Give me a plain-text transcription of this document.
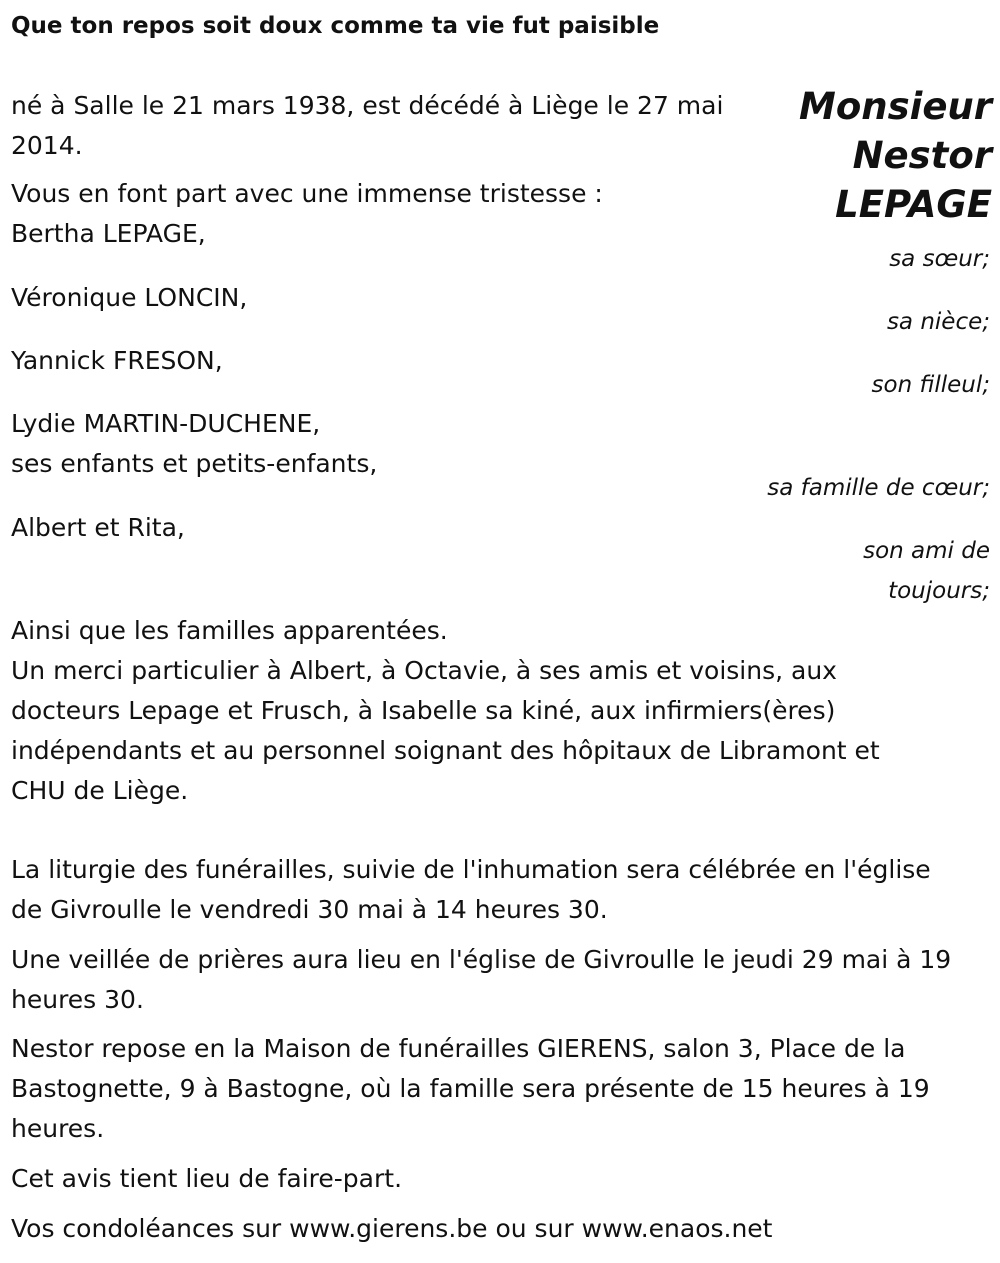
Que ton repos soit doux comme ta vie fut paisible
Monsieur
Nestor
LEPAGE
né à Salle le 21 mars 1938, est décédé à Liège le 27 mai
2014.
Vous en font part avec une immense tristesse :
Bertha LEPAGE,
sa sœur;
Véronique LONCIN,
sa nièce;
Yannick FRESON,
son filleul;
Lydie MARTIN-DUCHENE,
ses enfants et petits-enfants,
sa famille de cœur;
Albert et Rita,
son ami de
toujours;
Ainsi que les familles apparentées.
Un merci particulier à Albert, à Octavie, à ses amis et voisins, aux
docteurs Lepage et Frusch, à Isabelle sa kiné, aux infirmiers(ères)
indépendants et au personnel soignant des hôpitaux de Libramont et
CHU de Liège.
La liturgie des funérailles, suivie de l'inhumation sera célébrée en l'église
de Givroulle le vendredi 30 mai à 14 heures 30.
Une veillée de prières aura lieu en l'église de Givroulle le jeudi 29 mai à 19
heures 30.
Nestor repose en la Maison de funérailles GIERENS, salon 3, Place de la
Bastognette, 9 à Bastogne, où la famille sera présente de 15 heures à 19
heures.
Cet avis tient lieu de faire-part.
Vos condoléances sur www.gierens.be ou sur www.enaos.net
